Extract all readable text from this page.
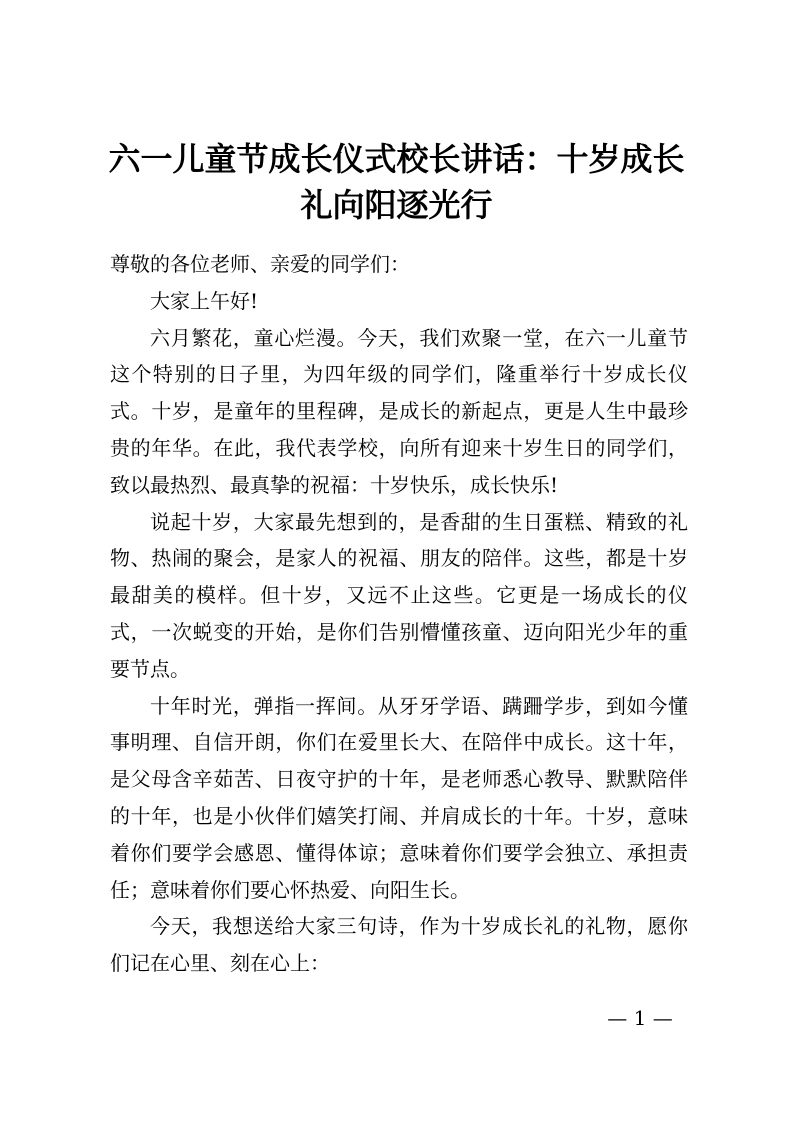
六一儿童节成长仪式校长讲话：十岁成长
礼向阳逐光行

尊敬的各位老师、亲爱的同学们：

大家上午好!

六月繁花，童心烂漫。今天，我们欢聚一堂，在六一儿童节这个特别的日子里，为四年级的同学们，隆重举行十岁成长仪式。十岁，是童年的里程碑，是成长的新起点，更是人生中最珍贵的年华。在此，我代表学校，向所有迎来十岁生日的同学们，致以最热烈、最真挚的祝福：十岁快乐，成长快乐!

说起十岁，大家最先想到的，是香甜的生日蛋糕、精致的礼物、热闹的聚会，是家人的祝福、朋友的陪伴。这些，都是十岁最甜美的模样。但十岁，又远不止这些。它更是一场成长的仪式，一次蜕变的开始，是你们告别懵懂孩童、迈向阳光少年的重要节点。

十年时光，弹指一挥间。从牙牙学语、蹒跚学步，到如今懂事明理、自信开朗，你们在爱里长大、在陪伴中成长。这十年，是父母含辛茹苦、日夜守护的十年，是老师悉心教导、默默陪伴的十年，也是小伙伴们嬉笑打闹、并肩成长的十年。十岁，意味着你们要学会感恩、懂得体谅；意味着你们要学会独立、承担责任；意味着你们要心怀热爱、向阳生长。

今天，我想送给大家三句诗，作为十岁成长礼的礼物，愿你们记在心里、刻在心上：

— 1 —
